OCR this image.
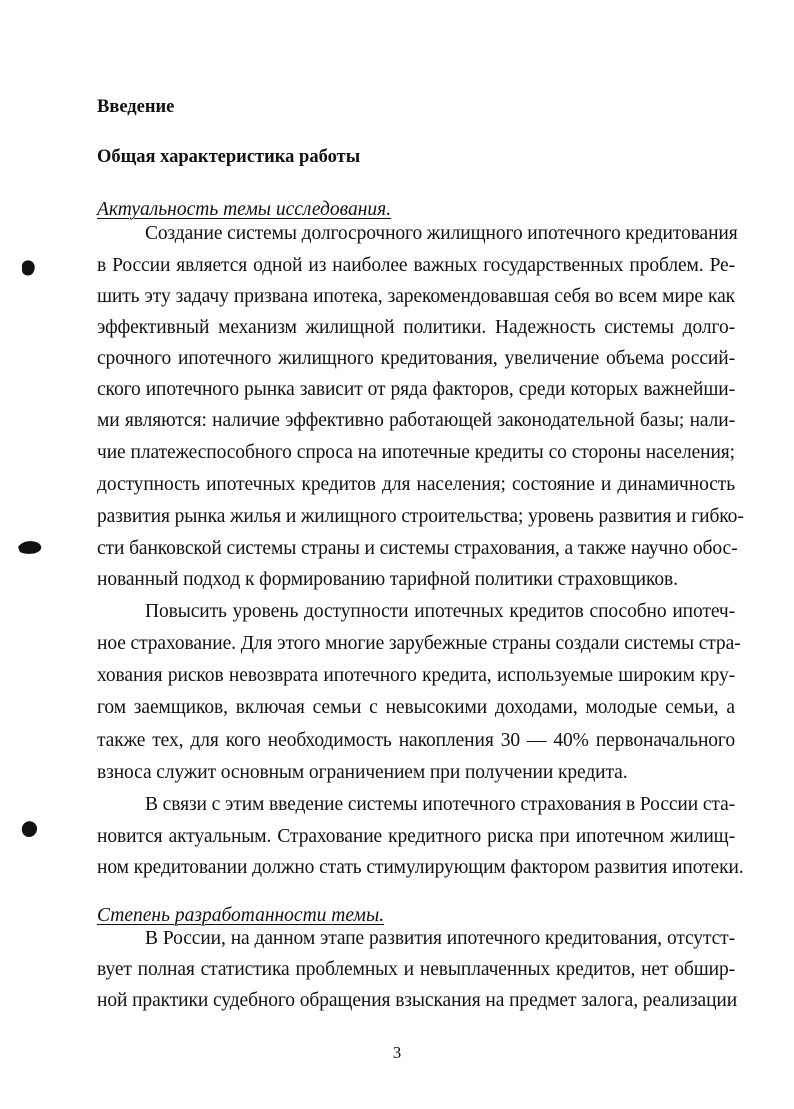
Введение
Общая характеристика работы
Актуальность темы исследования.
Создание системы долгосрочного жилищного ипотечного кредитования
в России является одной из наиболее важных государственных проблем. Ре-
шить эту задачу призвана ипотека, зарекомендовавшая себя во всем мире как
эффективный механизм жилищной политики. Надежность системы долго-
срочного ипотечного жилищного кредитования, увеличение объема россий-
ского ипотечного рынка зависит от ряда факторов, среди которых важнейши-
ми являются: наличие эффективно работающей законодательной базы; нали-
чие платежеспособного спроса на ипотечные кредиты со стороны населения;
доступность ипотечных кредитов для населения; состояние и динамичность
развития рынка жилья и жилищного строительства; уровень развития и гибко-
сти банковской системы страны и системы страхования, а также научно обос-
нованный подход к формированию тарифной политики страховщиков.
Повысить уровень доступности ипотечных кредитов способно ипотеч-
ное страхование. Для этого многие зарубежные страны создали системы стра-
хования рисков невозврата ипотечного кредита, используемые широким кру-
гом заемщиков, включая семьи с невысокими доходами, молодые семьи, а
также тех, для кого необходимость накопления 30 — 40% первоначального
взноса служит основным ограничением при получении кредита.
В связи с этим введение системы ипотечного страхования в России ста-
новится актуальным. Страхование кредитного риска при ипотечном жилищ-
ном кредитовании должно стать стимулирующим фактором развития ипотеки.
Степень разработанности темы.
В России, на данном этапе развития ипотечного кредитования, отсутст-
вует полная статистика проблемных и невыплаченных кредитов, нет обшир-
ной практики судебного обращения взыскания на предмет залога, реализации
3
